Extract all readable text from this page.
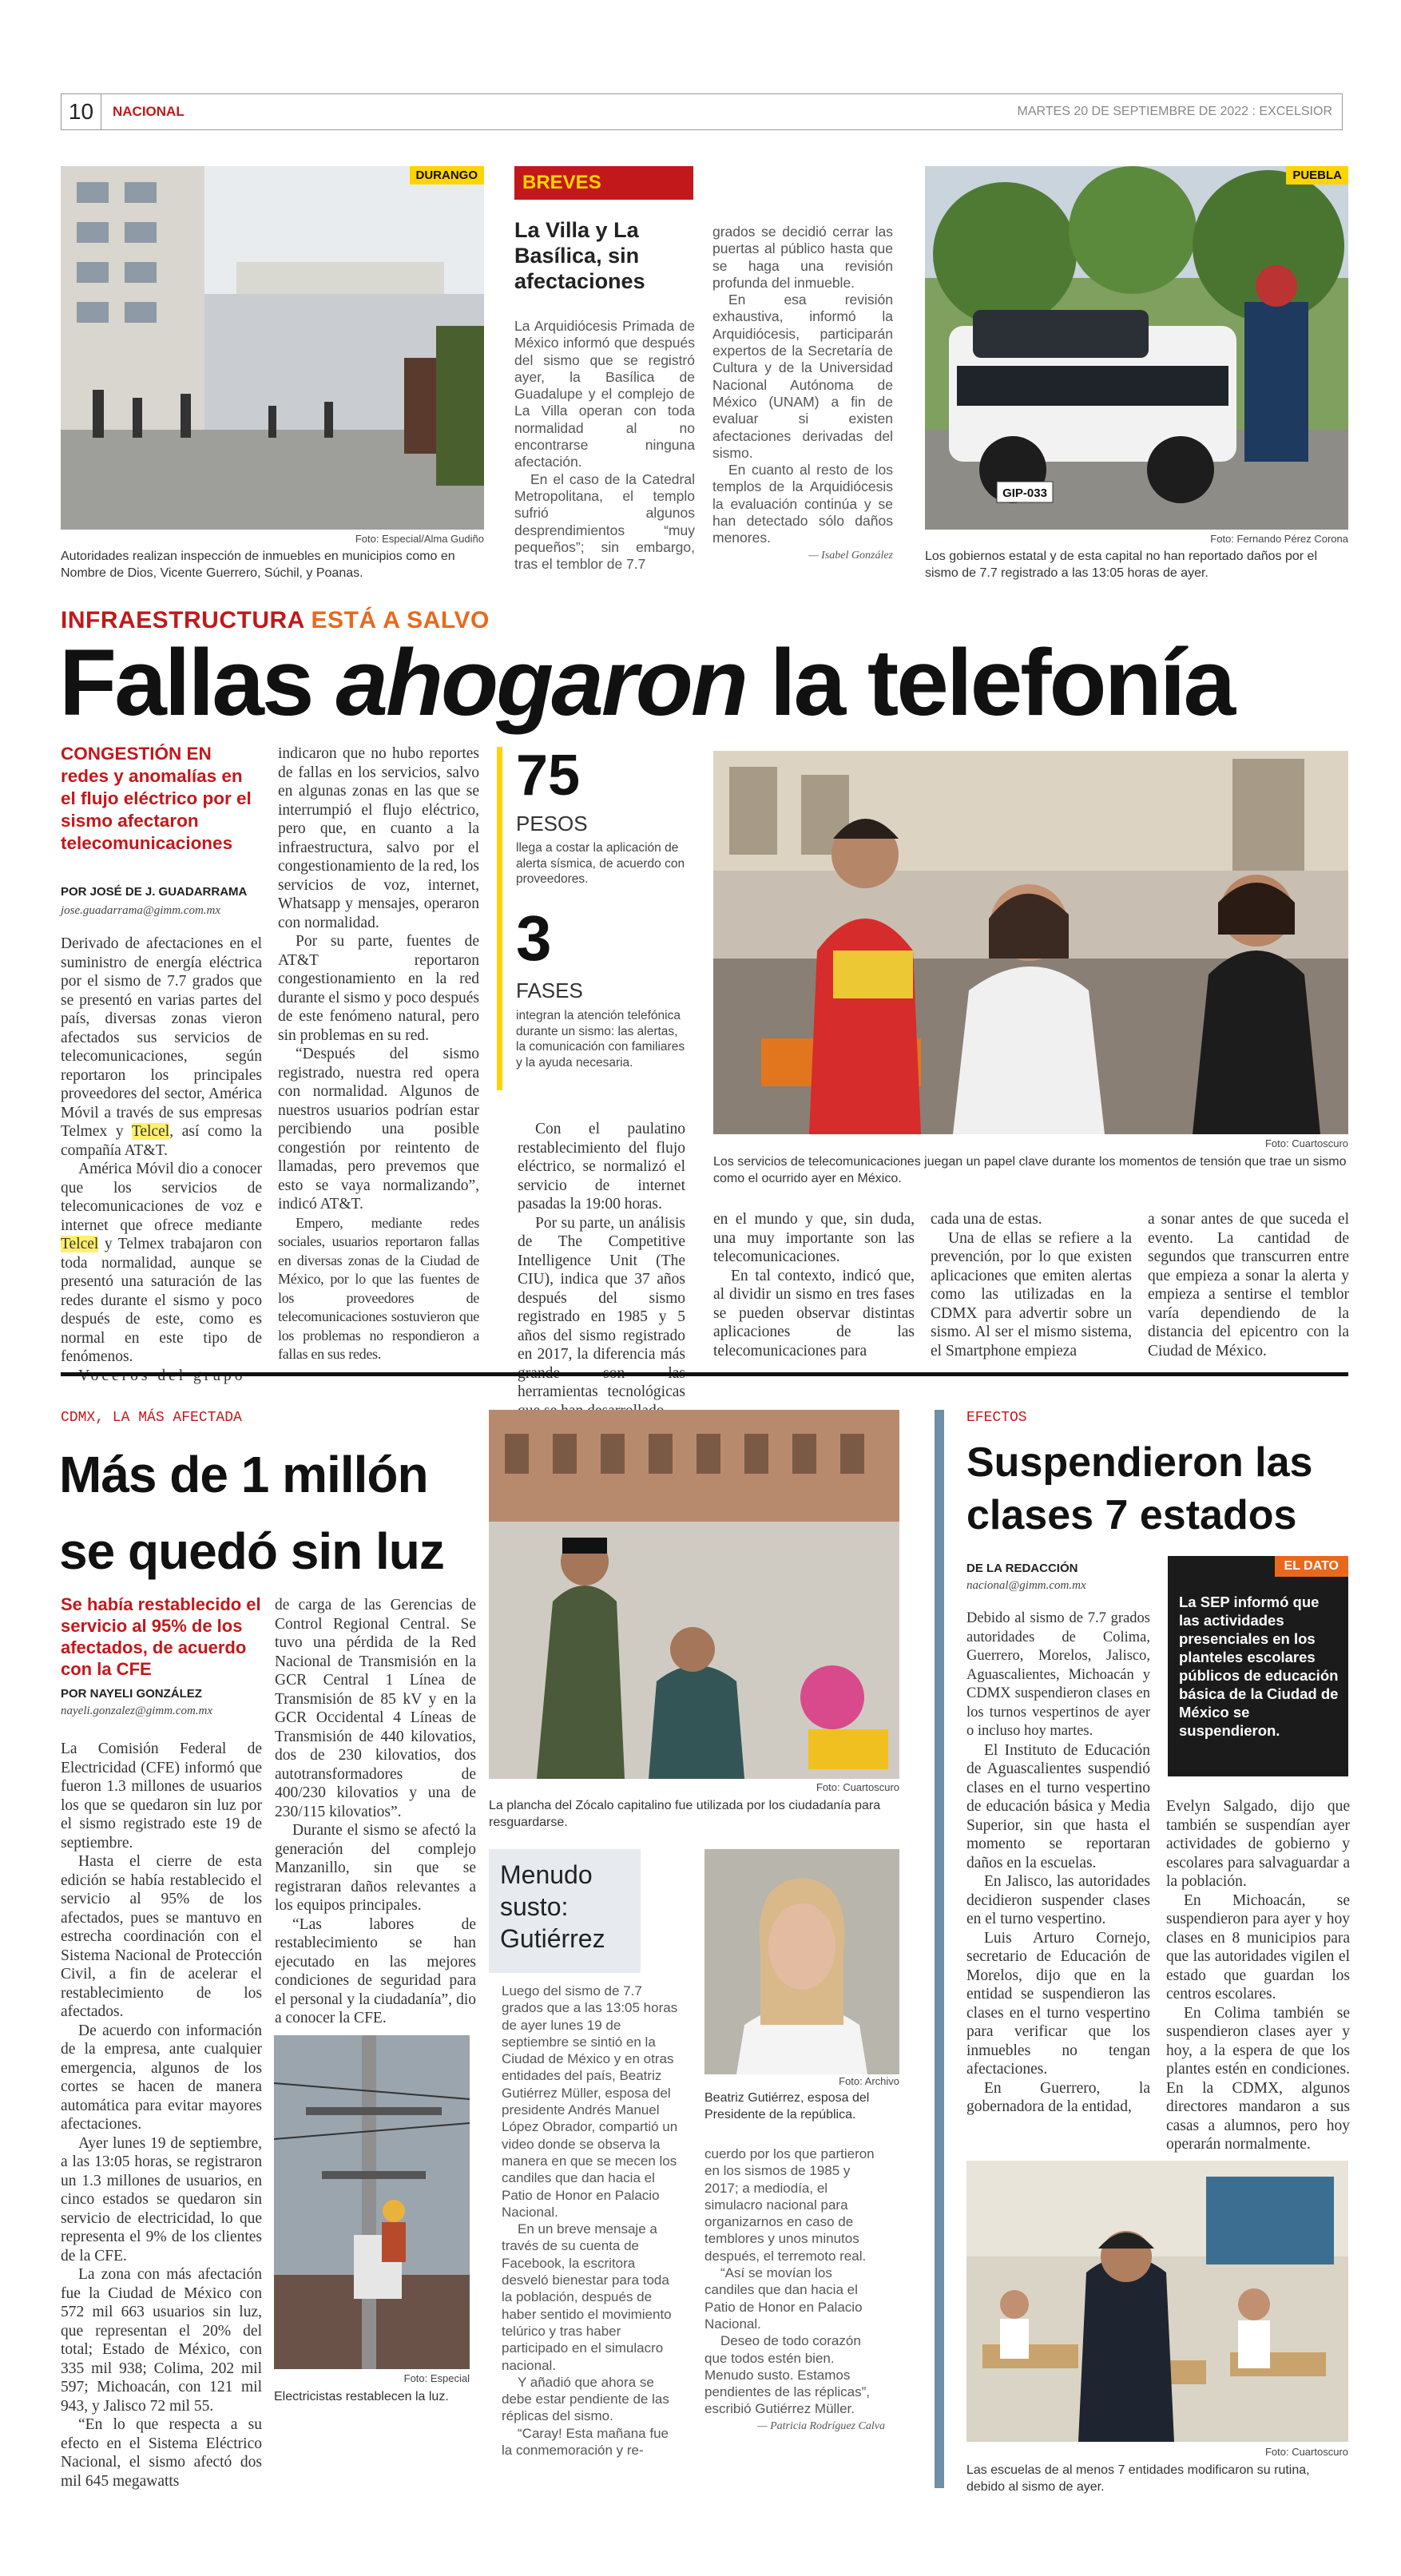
10	NACIONAL	MARTES 20 DE SEPTIEMBRE DE 2022 : EXCELSIOR
DURANGO
Foto: Especial/Alma Gudiño
Autoridades realizan inspección de inmuebles en municipios como en Nombre de Dios, Vicente Guerrero, Súchil, y Poanas.
BREVES
La Villa y La Basílica, sin afectaciones

La Arquidiócesis Primada de México informó que después del sismo que se registró ayer, la Basílica de Guadalupe y el complejo de La Villa operan con toda normalidad al no encontrarse ninguna afectación.

En el caso de la Catedral Metropolitana, el templo sufrió algunos desprendimientos “muy pequeños”; sin embargo, tras el temblor de 7.7

grados se decidió cerrar las puertas al público hasta que se haga una revisión profunda del inmueble.

En esa revisión exhaustiva, informó la Arquidiócesis, participarán expertos de la Secretaría de Cultura y de la Universidad Nacional Autónoma de México (UNAM) a fin de evaluar si existen afectaciones derivadas del sismo.

En cuanto al resto de los templos de la Arquidiócesis la evaluación continúa y se han detectado sólo daños menores.

— Isabel González

GIP-033
PUEBLA
Foto: Fernando Pérez Corona
Los gobiernos estatal y de esta capital no han reportado daños por el sismo de 7.7 registrado a las 13:05 horas de ayer.
INFRAESTRUCTURA ESTÁ A SALVO
Fallas ahogaron la telefonía
CONGESTIÓN EN redes y anomalías en el flujo eléctrico por el sismo afectaron telecomunicaciones
POR JOSÉ DE J. GUADARRAMA
jose.guadarrama@gimm.com.mx

Derivado de afectaciones en el suministro de energía eléctrica por el sismo de 7.7 grados que se presentó en varias partes del país, diversas zonas vieron afectados sus servicios de telecomunicaciones, según reportaron los principales proveedores del sector, América Móvil a través de sus empresas Telmex y Telcel, así como la compañía AT&T.

América Móvil dio a conocer que los servicios de telecomunicaciones de voz e internet que ofrece mediante Telcel y Telmex trabajaron con toda normalidad, aunque se presentó una saturación de las redes durante el sismo y poco después de este, como es normal en este tipo de fenómenos.

indicaron que no hubo reportes de fallas en los servicios, salvo en algunas zonas en las que se interrumpió el flujo eléctrico, pero que, en cuanto a la infraestructura, salvo por el congestionamiento de la red, los servicios de voz, internet, Whatsapp y mensajes, operaron con normalidad.

Por su parte, fuentes de AT&T reportaron congestionamiento en la red durante el sismo y poco después de este fenómeno natural, pero sin problemas en su red.

“Después del sismo registrado, nuestra red opera con normalidad. Algunos de nuestros usuarios podrían estar percibiendo una posible congestión por reintento de llamadas, pero prevemos que esto se vaya normalizando”, indicó AT&T.

Empero, mediante redes sociales, usuarios reportaron fallas en diversas zonas de la Ciudad de México, por lo que las fuentes de los proveedores de telecomunicaciones sostuvieron que los problemas no respondieron a fallas en sus redes.

75
PESOS
llega a costar la aplicación de alerta sísmica, de acuerdo con proveedores.
3
FASES
integran la atención telefónica durante un sismo: las alertas, la comunicación con familiares y la ayuda necesaria.

Con el paulatino restablecimiento del flujo eléctrico, se normalizó el servicio de internet pasadas la 19:00 horas.

Por su parte, un análisis de The Competitive Intelligence Unit (The CIU), indica que 37 años después del sismo registrado en 1985 y 5 años del sismo registrado en 2017, la diferencia más herramientas tecnológicas

Foto: Cuartoscuro
Los servicios de telecomunicaciones juegan un papel clave durante los momentos de tensión que trae un sismo como el ocurrido ayer en México.

en el mundo y que, sin duda, una muy importante son las telecomunicaciones.

En tal contexto, indicó que, al dividir un sismo en tres fases se pueden observar distintas aplicaciones de las telecomunicaciones para

cada una de estas.

Una de ellas se refiere a la prevención, por lo que existen aplicaciones que emiten alertas como las utilizadas en la CDMX para advertir sobre un sismo. Al ser el mismo sistema, el Smartphone empieza

a sonar antes de que suceda el evento. La cantidad de segundos que transcurren entre que empieza a sonar la alerta y empieza a sentirse el temblor varía dependiendo de la distancia del epicentro con la Ciudad de México.

CDMX, LA MÁS AFECTADA
Más de 1 millón se quedó sin luz
Se había restablecido el servicio al 95% de los afectados, de acuerdo con la CFE
POR NAYELI GONZÁLEZ
nayeli.gonzalez@gimm.com.mx

La Comisión Federal de Electricidad (CFE) informó que fueron 1.3 millones de usuarios los que se quedaron sin luz por el sismo registrado este 19 de septiembre.

Hasta el cierre de esta edición se había restablecido el servicio al 95% de los afectados, pues se mantuvo en estrecha coordinación con el Sistema Nacional de Protección Civil, a fin de acelerar el restablecimiento de los afectados.

De acuerdo con información de la empresa, ante cualquier emergencia, algunos de los cortes se hacen de manera automática para evitar mayores afectaciones.

Ayer lunes 19 de septiembre, a las 13:05 horas, se registraron un 1.3 millones de usuarios, en cinco estados se quedaron sin servicio de electricidad, lo que representa el 9% de los clientes de la CFE.

La zona con más afectación fue la Ciudad de México con 572 mil 663 usuarios sin luz, que representan el 20% del total; Estado de México, con 335 mil 938; Colima, 202 mil 597; Michoacán, con 121 mil 943, y Jalisco 72 mil 55.

“En lo que respecta a su efecto en el Sistema Eléctrico Nacional, el sismo afectó dos mil 645 megawatts

de carga de las Gerencias de Control Regional Central. Se tuvo una pérdida de la Red Nacional de Transmisión en la GCR Central 1 Línea de Transmisión de 85 kV y en la GCR Occidental 4 Líneas de Transmisión de 440 kilovatios, dos de 230 kilovatios, dos autotransformadores de 400/230 kilovatios y una de 230/115 kilovatios”.

Durante el sismo se afectó la generación del complejo Manzanillo, sin que se registraran daños relevantes a los equipos principales.

“Las labores de restablecimiento se han ejecutado en las mejores condiciones de seguridad para el personal y la ciudadanía”, dio a conocer la CFE.

Foto: Cuartoscuro
La plancha del Zócalo capitalino fue utilizada por los ciudadanía para resguardarse.
Foto: Especial
Electricistas restablecen la luz.
Menudo susto: Gutiérrez

Luego del sismo de 7.7 grados que a las 13:05 horas de ayer lunes 19 de septiembre se sintió en la Ciudad de México y en otras entidades del país, Beatriz Gutiérrez Müller, esposa del presidente Andrés Manuel López Obrador, compartió un video donde se observa la manera en que se mecen los candiles que dan hacia el Patio de Honor en Palacio Nacional.

En un breve mensaje a través de su cuenta de Facebook, la escritora desveló bienestar para toda la población, después de haber sentido el movimiento telúrico y tras haber participado en el simulacro nacional.

Y añadió que ahora se debe estar pendiente de las réplicas del sismo.

“Caray! Esta mañana fue la conmemoración y re-

Foto: Archivo
Beatriz Gutiérrez, esposa del Presidente de la república.

cuerdo por los que partieron en los sismos de 1985 y 2017; a mediodía, el simulacro nacional para organizarnos en caso de temblores y unos minutos después, el terremoto real.

“Así se movían los candiles que dan hacia el Patio de Honor en Palacio Nacional.

Deseo de todo corazón que todos estén bien. Menudo susto. Estamos pendientes de las réplicas”, escribió Gutiérrez Müller.

— Patricia Rodríguez Calva

EFECTOS
Suspendieron las clases 7 estados
DE LA REDACCIÓN
nacional@gimm.com.mx

Debido al sismo de 7.7 grados autoridades de Colima, Guerrero, Morelos, Jalisco, Aguascalientes, Michoacán y CDMX suspendieron clases en los turnos vespertinos de ayer o incluso hoy martes.

El Instituto de Educación de Aguascalientes suspendió clases en el turno vespertino de educación básica y Media Superior, sin que hasta el momento se reportaran daños en la escuelas.

En Jalisco, las autoridades decidieron suspender clases en el turno vespertino.

Luis Arturo Cornejo, secretario de Educación de Morelos, dijo que en la entidad se suspendieron las clases en el turno vespertino para verificar que los inmuebles no tengan afectaciones.

En Guerrero, la gobernadora de la entidad,

EL DATO
La SEP informó que las actividades presenciales en los planteles escolares públicos de educación básica de la Ciudad de México se suspendieron.

Evelyn Salgado, dijo que también se suspendían ayer actividades de gobierno y escolares para salvaguardar a la población.

En Michoacán, se suspendieron para ayer y hoy clases en 8 municipios para que las autoridades vigilen el estado que guardan los centros escolares.

En Colima también se suspendieron clases ayer y hoy, a la espera de que los plantes estén en condiciones. En la CDMX, algunos directores mandaron a sus casas a alumnos, pero hoy operarán normalmente.

Foto: Cuartoscuro
Las escuelas de al menos 7 entidades modificaron su rutina, debido al sismo de ayer.
